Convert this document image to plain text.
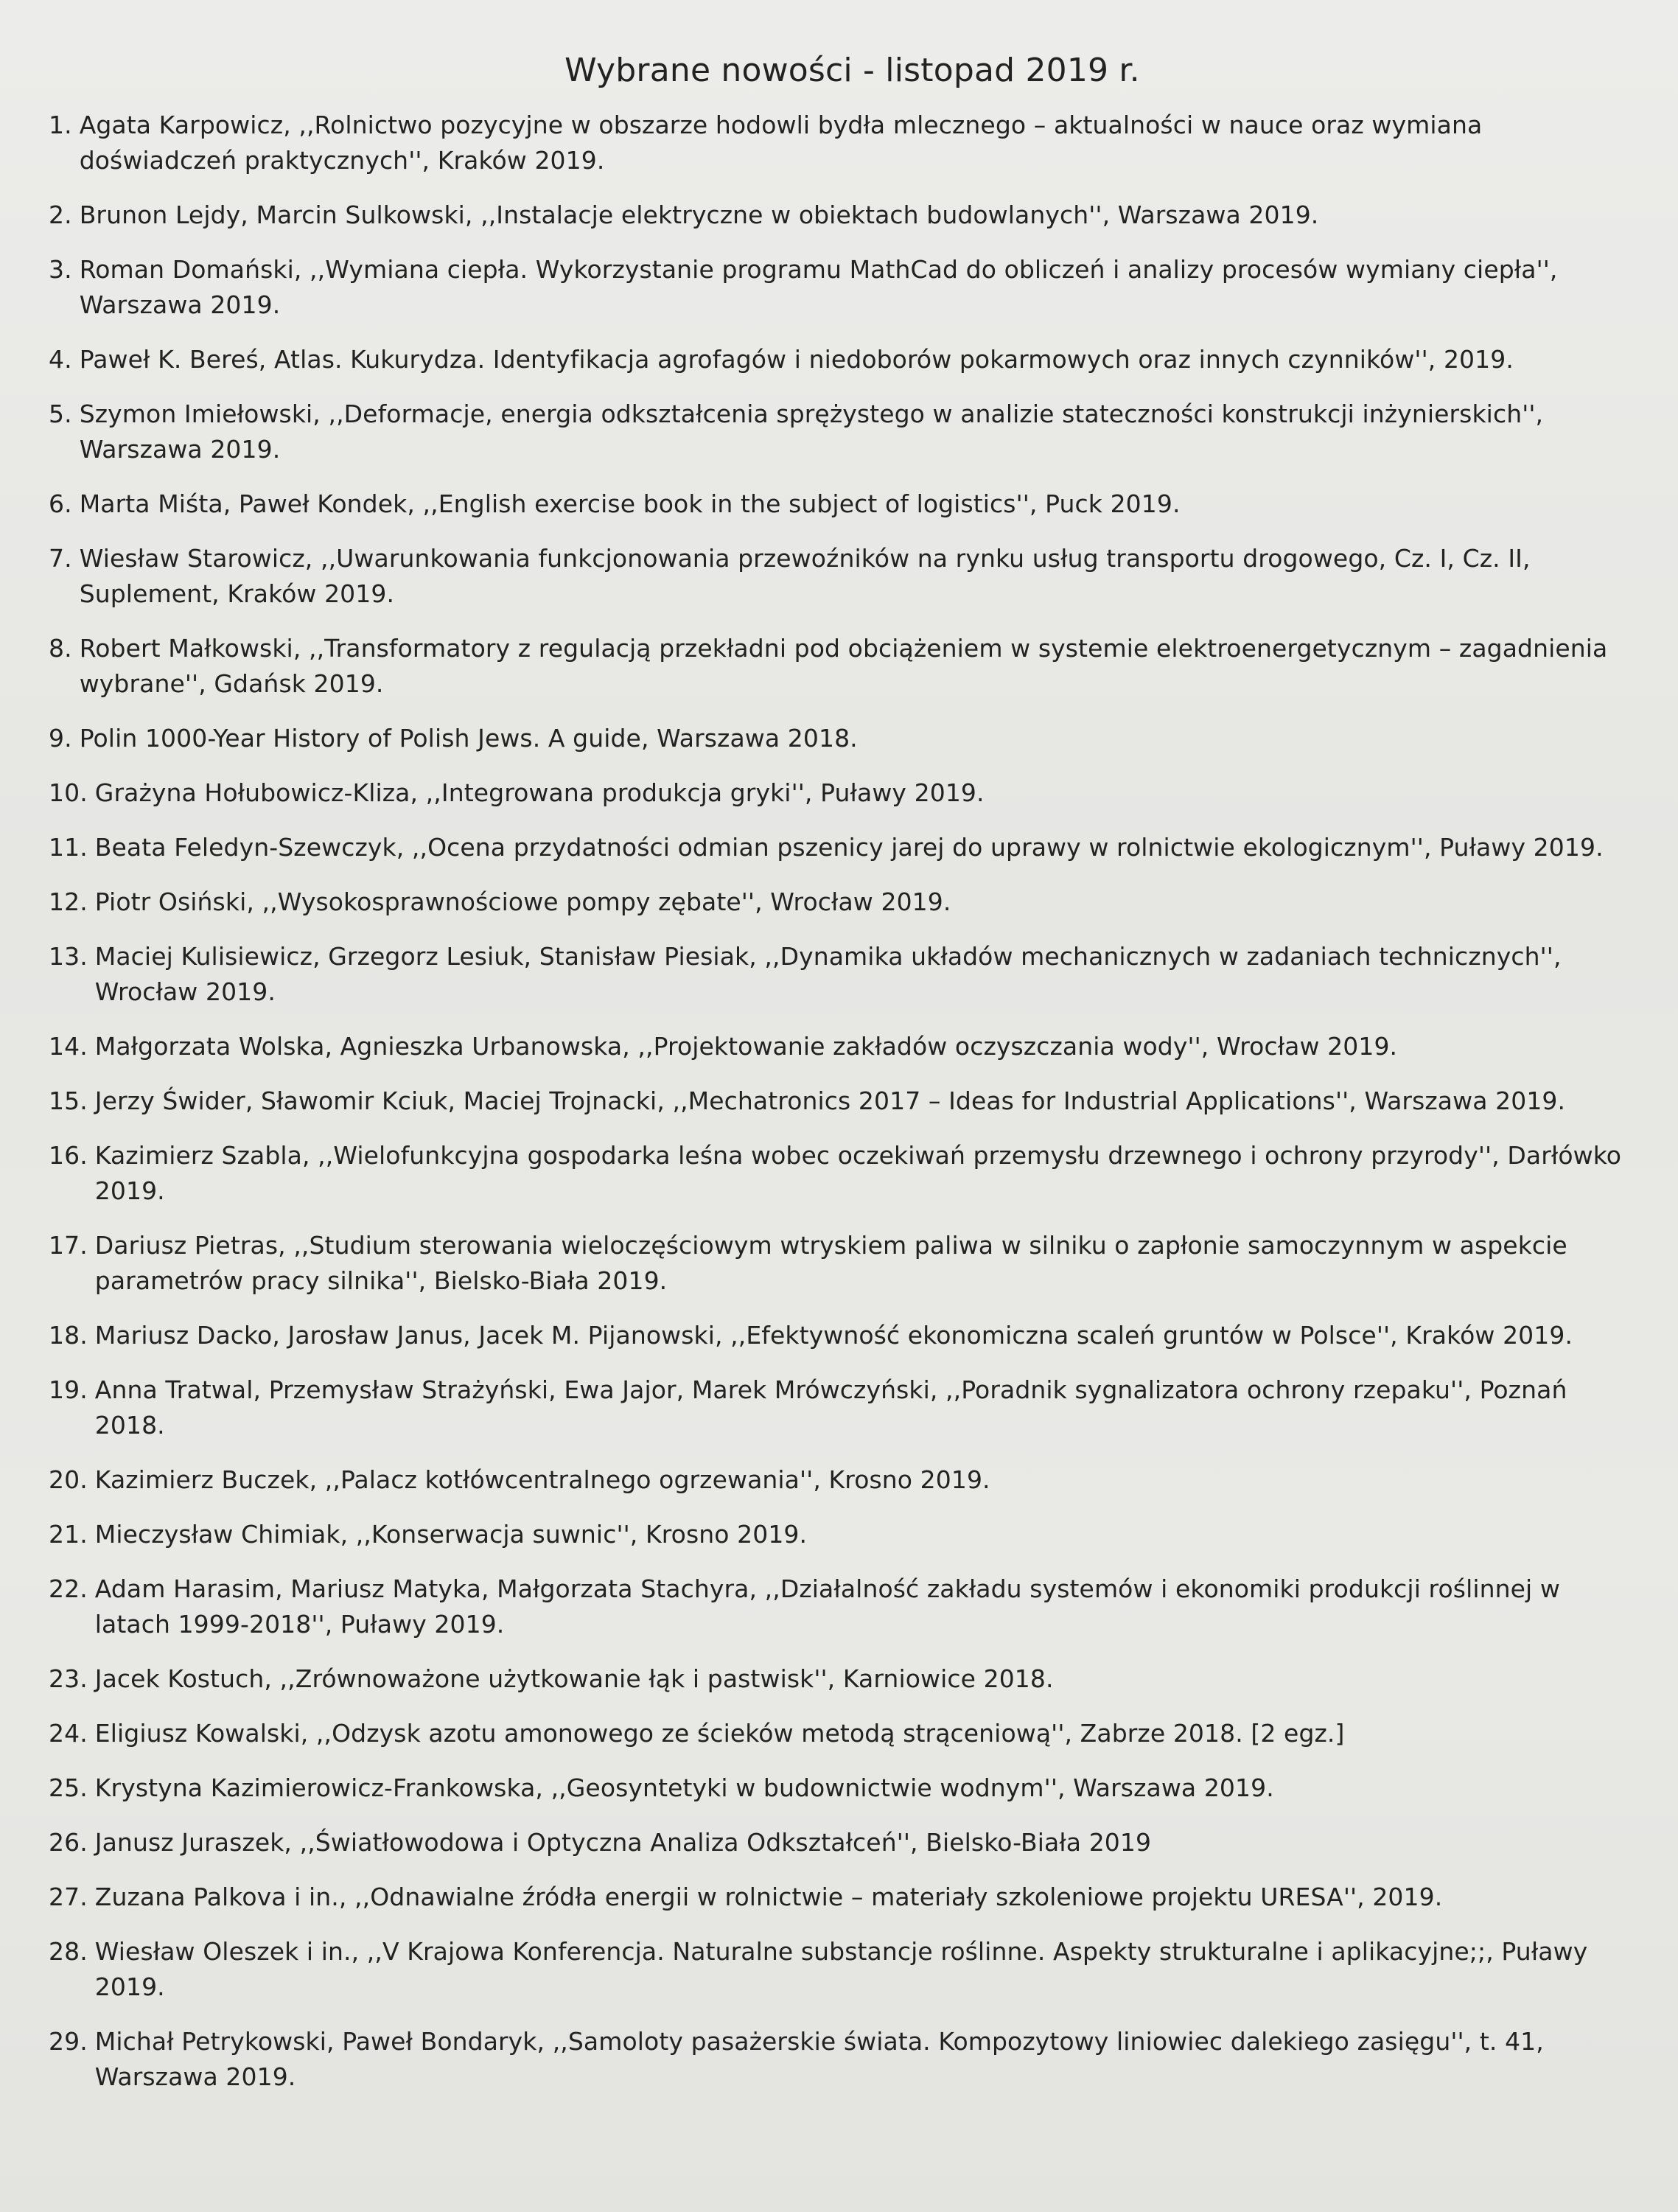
Wybrane nowości - listopad 2019 r.
1. Agata Karpowicz, ,,Rolnictwo pozycyjne w obszarze hodowli bydła mlecznego – aktualności w nauce oraz wymiana doświadczeń praktycznych'', Kraków 2019.
2. Brunon Lejdy, Marcin Sulkowski, ,,Instalacje elektryczne w obiektach budowlanych'', Warszawa 2019.
3. Roman Domański, ,,Wymiana ciepła. Wykorzystanie programu MathCad do obliczeń i analizy procesów wymiany ciepła'', Warszawa 2019.
4. Paweł K. Bereś, Atlas. Kukurydza. Identyfikacja agrofagów i niedoborów pokarmowych oraz innych czynników'', 2019.
5. Szymon Imiełowski, ,,Deformacje, energia odkształcenia sprężystego w analizie stateczności konstrukcji inżynierskich'', Warszawa 2019.
6. Marta Miśta, Paweł Kondek, ,,English exercise book in the subject of logistics'', Puck 2019.
7. Wiesław Starowicz, ,,Uwarunkowania funkcjonowania przewoźników na rynku usług transportu drogowego, Cz. I, Cz. II, Suplement, Kraków 2019.
8. Robert Małkowski, ,,Transformatory z regulacją przekładni pod obciążeniem w systemie elektroenergetycznym – zagadnienia wybrane'', Gdańsk 2019.
9. Polin 1000-Year History of Polish Jews. A guide, Warszawa 2018.
10. Grażyna Hołubowicz-Kliza, ,,Integrowana produkcja gryki'', Puławy 2019.
11. Beata Feledyn-Szewczyk, ,,Ocena przydatności odmian pszenicy jarej do uprawy w rolnictwie ekologicznym'', Puławy 2019.
12. Piotr Osiński, ,,Wysokosprawnościowe pompy zębate'', Wrocław 2019.
13. Maciej Kulisiewicz, Grzegorz Lesiuk, Stanisław Piesiak, ,,Dynamika układów mechanicznych w zadaniach technicznych'', Wrocław 2019.
14. Małgorzata Wolska, Agnieszka Urbanowska, ,,Projektowanie zakładów oczyszczania wody'', Wrocław 2019.
15. Jerzy Świder, Sławomir Kciuk, Maciej Trojnacki, ,,Mechatronics 2017 – Ideas for Industrial Applications'', Warszawa 2019.
16. Kazimierz Szabla, ,,Wielofunkcyjna gospodarka leśna wobec oczekiwań przemysłu drzewnego i ochrony przyrody'', Darłówko 2019.
17. Dariusz Pietras, ,,Studium sterowania wieloczęściowym wtryskiem paliwa w silniku o zapłonie samoczynnym w aspekcie parametrów pracy silnika'', Bielsko-Biała 2019.
18. Mariusz Dacko, Jarosław Janus, Jacek M. Pijanowski, ,,Efektywność ekonomiczna scaleń gruntów w Polsce'', Kraków 2019.
19. Anna Tratwal, Przemysław Strażyński, Ewa Jajor, Marek Mrówczyński, ,,Poradnik sygnalizatora ochrony rzepaku'', Poznań 2018.
20. Kazimierz Buczek, ,,Palacz kotłówcentralnego ogrzewania'', Krosno 2019.
21. Mieczysław Chimiak, ,,Konserwacja suwnic'', Krosno 2019.
22. Adam Harasim, Mariusz Matyka, Małgorzata Stachyra, ,,Działalność zakładu systemów i ekonomiki produkcji roślinnej w latach 1999-2018'', Puławy 2019.
23. Jacek Kostuch, ,,Zrównoważone użytkowanie łąk i pastwisk'', Karniowice 2018.
24. Eligiusz Kowalski, ,,Odzysk azotu amonowego ze ścieków metodą strąceniową'', Zabrze 2018. [2 egz.]
25. Krystyna Kazimierowicz-Frankowska, ,,Geosyntetyki w budownictwie wodnym'', Warszawa 2019.
26. Janusz Juraszek, ,,Światłowodowa i Optyczna Analiza Odkształceń'', Bielsko-Biała 2019
27. Zuzana Palkova i in., ,,Odnawialne źródła energii w rolnictwie – materiały szkoleniowe projektu URESA'', 2019.
28. Wiesław Oleszek i in., ,,V Krajowa Konferencja. Naturalne substancje roślinne. Aspekty strukturalne i aplikacyjne;;, Puławy 2019.
29. Michał Petrykowski, Paweł Bondaryk, ,,Samoloty pasażerskie świata. Kompozytowy liniowiec dalekiego zasięgu'', t. 41, Warszawa 2019.
